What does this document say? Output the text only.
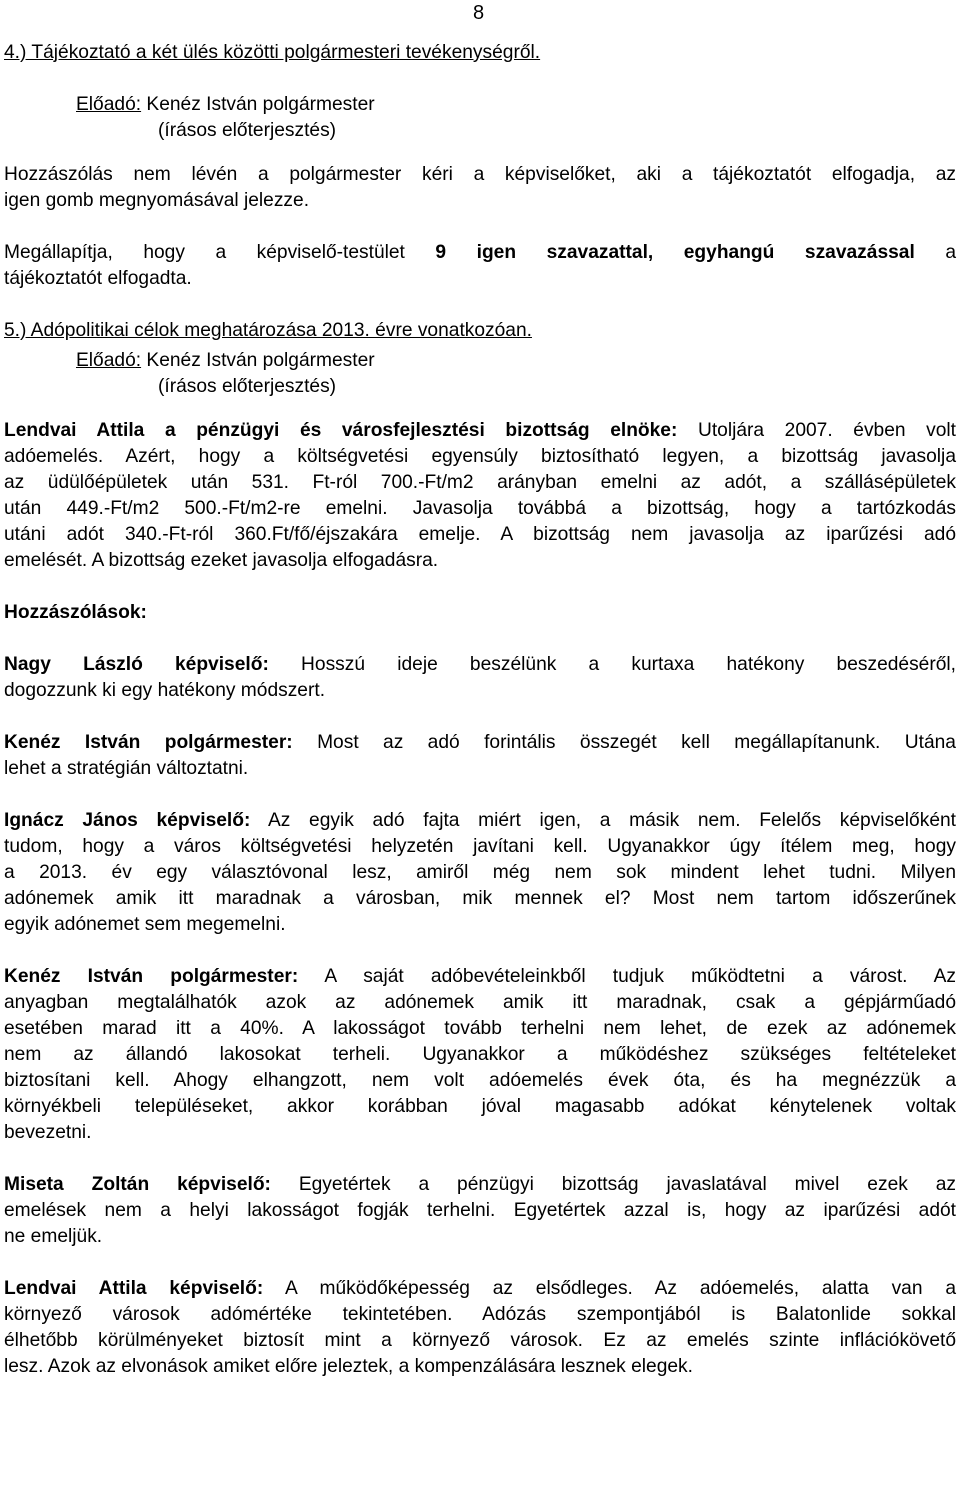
8
4.) Tájékoztató a két ülés közötti polgármesteri tevékenységről.
Előadó: Kenéz István polgármester
(írásos előterjesztés)
Hozzászólás nem lévén a polgármester kéri a képviselőket, aki a tájékoztatót elfogadja, az
igen gomb megnyomásával jelezze.
Megállapítja, hogy a képviselő-testület 9 igen szavazattal, egyhangú szavazással a
tájékoztatót elfogadta.
5.) Adópolitikai célok meghatározása 2013. évre vonatkozóan.
Előadó: Kenéz István polgármester
(írásos előterjesztés)
Lendvai Attila a pénzügyi és városfejlesztési bizottság elnöke: Utoljára 2007. évben volt
adóemelés. Azért, hogy a költségvetési egyensúly biztosítható legyen, a bizottság javasolja
az üdülőépületek után 531. Ft-ról 700.-Ft/m2 arányban emelni az adót, a szállásépületek
után 449.-Ft/m2 500.-Ft/m2-re emelni. Javasolja továbbá a bizottság, hogy a tartózkodás
utáni adót 340.-Ft-ról 360.Ft/fő/éjszakára emelje. A bizottság nem javasolja az iparűzési adó
emelését. A bizottság ezeket javasolja elfogadásra.
Hozzászólások:
Nagy László képviselő: Hosszú ideje beszélünk a kurtaxa hatékony beszedéséről,
dogozzunk ki egy hatékony módszert.
Kenéz István polgármester: Most az adó forintális összegét kell megállapítanunk. Utána
lehet a stratégián változtatni.
Ignácz János képviselő: Az egyik adó fajta miért igen, a másik nem. Felelős képviselőként
tudom, hogy a város költségvetési helyzetén javítani kell. Ugyanakkor úgy ítélem meg, hogy
a 2013. év egy választóvonal lesz, amiről még nem sok mindent lehet tudni. Milyen
adónemek amik itt maradnak a városban, mik mennek el? Most nem tartom időszerűnek
egyik adónemet sem megemelni.
Kenéz István polgármester: A saját adóbevételeinkből tudjuk működtetni a várost. Az
anyagban megtalálhatók azok az adónemek amik itt maradnak, csak a gépjárműadó
esetében marad itt a 40%. A lakosságot tovább terhelni nem lehet, de ezek az adónemek
nem az állandó lakosokat terheli. Ugyanakkor a működéshez szükséges feltételeket
biztosítani kell. Ahogy elhangzott, nem volt adóemelés évek óta, és ha megnézzük a
környékbeli településeket, akkor korábban jóval magasabb adókat kénytelenek voltak
bevezetni.
Miseta Zoltán képviselő: Egyetértek a pénzügyi bizottság javaslatával mivel ezek az
emelések nem a helyi lakosságot fogják terhelni. Egyetértek azzal is, hogy az iparűzési adót
ne emeljük.
Lendvai Attila képviselő: A működőképesség az elsődleges. Az adóemelés, alatta van a
környező városok adómértéke tekintetében. Adózás szempontjából is Balatonlide sokkal
élhetőbb körülményeket biztosít mint a környező városok. Ez az emelés szinte inflációkövető
lesz. Azok az elvonások amiket előre jeleztek, a kompenzálására lesznek elegek.
